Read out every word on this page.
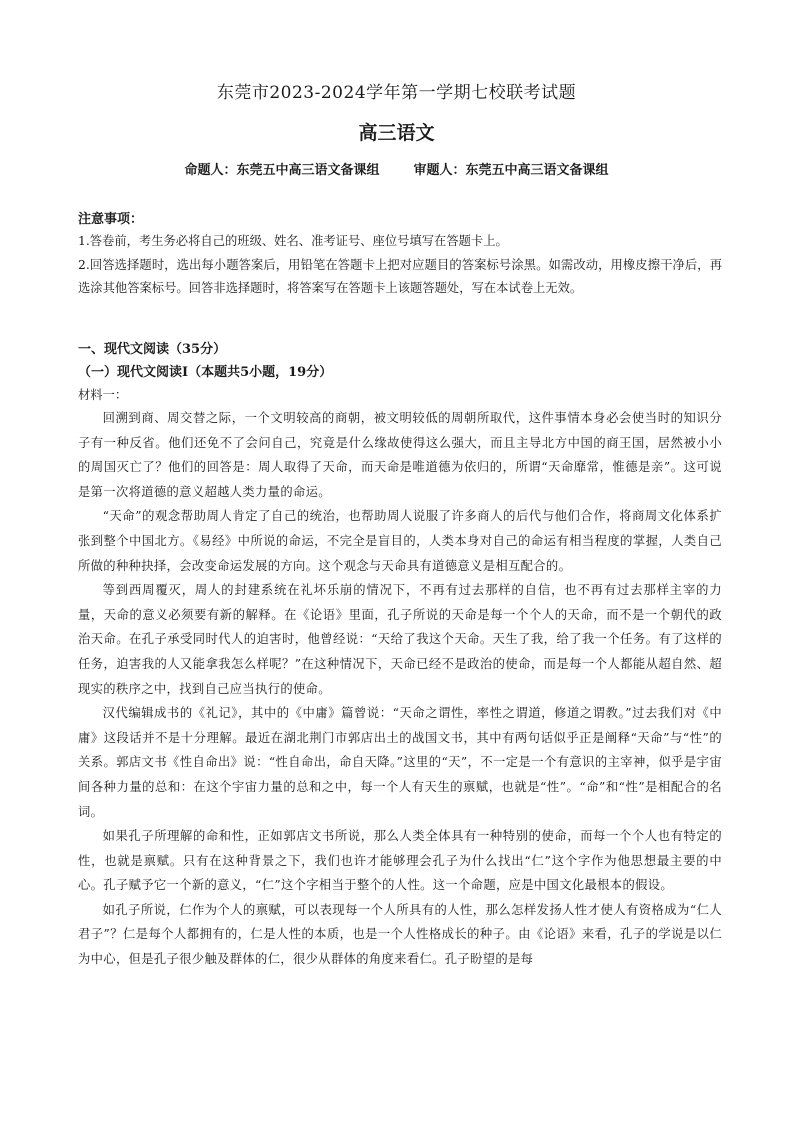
东莞市2023-2024学年第一学期七校联考试题
高三语文
命题人：东莞五中高三语文备课组	审题人：东莞五中高三语文备课组
注意事项：

1.答卷前，考生务必将自己的班级、姓名、准考证号、座位号填写在答题卡上。

2.回答选择题时，选出每小题答案后，用铅笔在答题卡上把对应题目的答案标号涂黑。如需改动，用橡皮擦干净后，再选涂其他答案标号。回答非选择题时，将答案写在答题卡上该题答题处，写在本试卷上无效。

一、现代文阅读（35分）
（一）现代文阅读I（本题共5小题，19分）
材料一：

回溯到商、周交替之际，一个文明较高的商朝，被文明较低的周朝所取代，这件事情本身必会使当时的知识分子有一种反省。他们还免不了会问自己，究竟是什么缘故使得这么强大，而且主导北方中国的商王国，居然被小小的周国灭亡了？他们的回答是：周人取得了天命，而天命是唯道德为依归的，所谓“天命靡常，惟德是亲”。这可说是第一次将道德的意义超越人类力量的命运。

“天命”的观念帮助周人肯定了自己的统治，也帮助周人说服了许多商人的后代与他们合作，将商周文化体系扩张到整个中国北方。《易经》中所说的命运，不完全是盲目的，人类本身对自己的命运有相当程度的掌握，人类自己所做的种种抉择，会改变命运发展的方向。这个观念与天命具有道德意义是相互配合的。

等到西周覆灭，周人的封建系统在礼坏乐崩的情况下，不再有过去那样的自信，也不再有过去那样主宰的力量，天命的意义必须要有新的解释。在《论语》里面，孔子所说的天命是每一个个人的天命，而不是一个朝代的政治天命。在孔子承受同时代人的迫害时，他曾经说：“天给了我这个天命。天生了我，给了我一个任务。有了这样的任务，迫害我的人又能拿我怎么样呢？”在这种情况下，天命已经不是政治的使命，而是每一个人都能从超自然、超现实的秩序之中，找到自己应当执行的使命。

汉代编辑成书的《礼记》，其中的《中庸》篇曾说：“天命之谓性，率性之谓道，修道之谓教。”过去我们对《中庸》这段话并不是十分理解。最近在湖北荆门市郭店出土的战国文书，其中有两句话似乎正是阐释“天命”与“性”的关系。郭店文书《性自命出》说：“性自命出，命自天降。”这里的“天”，不一定是一个有意识的主宰神，似乎是宇宙间各种力量的总和：在这个宇宙力量的总和之中，每一个人有天生的禀赋，也就是“性”。“命”和“性”是相配合的名词。

如果孔子所理解的命和性，正如郭店文书所说，那么人类全体具有一种特别的使命，而每一个个人也有特定的性，也就是禀赋。只有在这种背景之下，我们也许才能够理会孔子为什么找出“仁”这个字作为他思想最主要的中心。孔子赋予它一个新的意义，“仁”这个字相当于整个的人性。这一个命题，应是中国文化最根本的假设。

如孔子所说，仁作为个人的禀赋，可以表现每一个人所具有的人性，那么怎样发扬人性才使人有资格成为“仁人君子”？仁是每个人都拥有的，仁是人性的本质，也是一个人性格成长的种子。由《论语》来看，孔子的学说是以仁为中心，但是孔子很少触及群体的仁，很少从群体的角度来看仁。孔子盼望的是每
